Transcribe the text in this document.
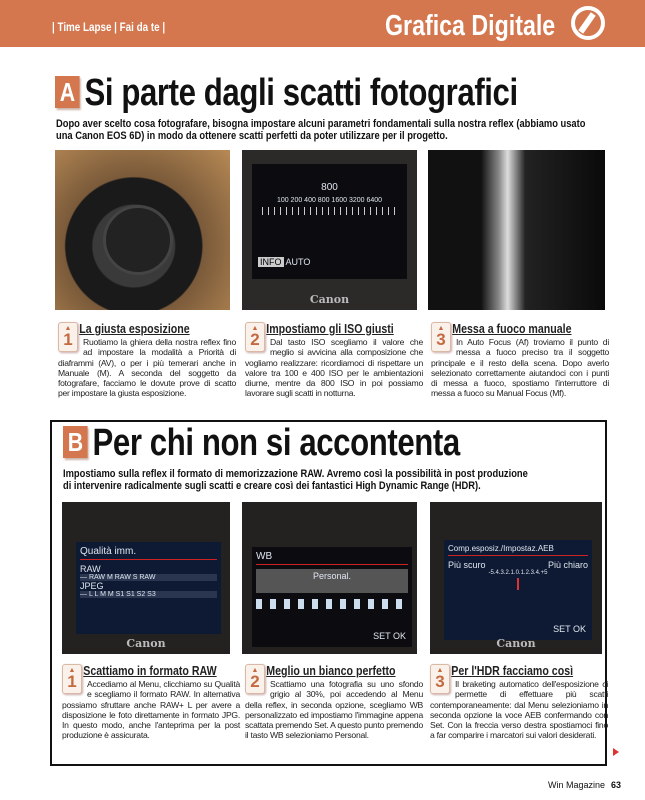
| Time Lapse | Fai da te |	Grafica Digitale
A Si parte dagli scatti fotografici
Dopo aver scelto cosa fotografare, bisogna impostare alcuni parametri fondamentali sulla nostra reflex (abbiamo usato
una Canon EOS 6D) in modo da ottenere scatti perfetti da poter utilizzare per il progetto.
800
100 200 400 800 1600 3200 6400
INFO AUTO
Canon
▲ 1
La giusta esposizione

Ruotiamo la ghiera della nostra reflex fino ad impostare la modalità a Priorità di diaframmi (AV), o per i più temerari anche in Manuale (M). A seconda del soggetto da fotografare, facciamo le dovute prove di scatto per impostare la giusta esposizione.

▲ 2
Impostiamo gli ISO giusti

Dal tasto ISO scegliamo il valore che meglio si avvicina alla composizione che vogliamo realizzare: ricordiamoci di rispettare un valore tra 100 e 400 ISO per le ambientazioni diurne, mentre da 800 ISO in poi possiamo lavorare sugli scatti in notturna.

▲ 3
Messa a fuoco manuale

In Auto Focus (Af) troviamo il punto di messa a fuoco preciso tra il soggetto principale e il resto della scena. Dopo averlo selezionato correttamente aiutandoci con i punti di messa a fuoco, spostiamo l'interruttore di messa a fuoco su Manual Focus (Mf).

B Per chi non si accontenta
Impostiamo sulla reflex il formato di memorizzazione RAW. Avremo così la possibilità in post produzione
di intervenire radicalmente sugli scatti e creare così dei fantastici High Dynamic Range (HDR).
Qualità imm.
RAW
— RAW M RAW S RAW
JPEG
— L L M M S1 S1 S2 S3
Canon
WB
Personal.
SET OK
Comp.esposiz./Impostaz.AEB
Più scuro	Più chiaro
-5.4.3.2.1.0.1.2.3.4.+5
SET OK
Canon
▲ 1
Scattiamo in formato RAW

Accediamo al Menu, clicchiamo su Qualità e scegliamo il formato RAW. In alternativa possiamo sfruttare anche RAW+ L per avere a disposizione le foto direttamente in formato JPG. In questo modo, anche l'anteprima per la post produzione è assicurata.

▲ 2
Meglio un bianco perfetto

Scattiamo una fotografia su uno sfondo grigio al 30%, poi accedendo al Menu della reflex, in seconda opzione, scegliamo WB personalizzato ed impostiamo l'immagine appena scattata premendo Set. A questo punto premendo il tasto WB selezioniamo Personal.

▲ 3
Per l'HDR facciamo così

Il braketing automatico dell'esposizione ci permette di effettuare più scatti contemporaneamente: dal Menu selezioniamo in seconda opzione la voce AEB confermando con Set. Con la freccia verso destra spostiamoci fino a far comparire i marcatori sui valori desiderati.

Win Magazine 63
